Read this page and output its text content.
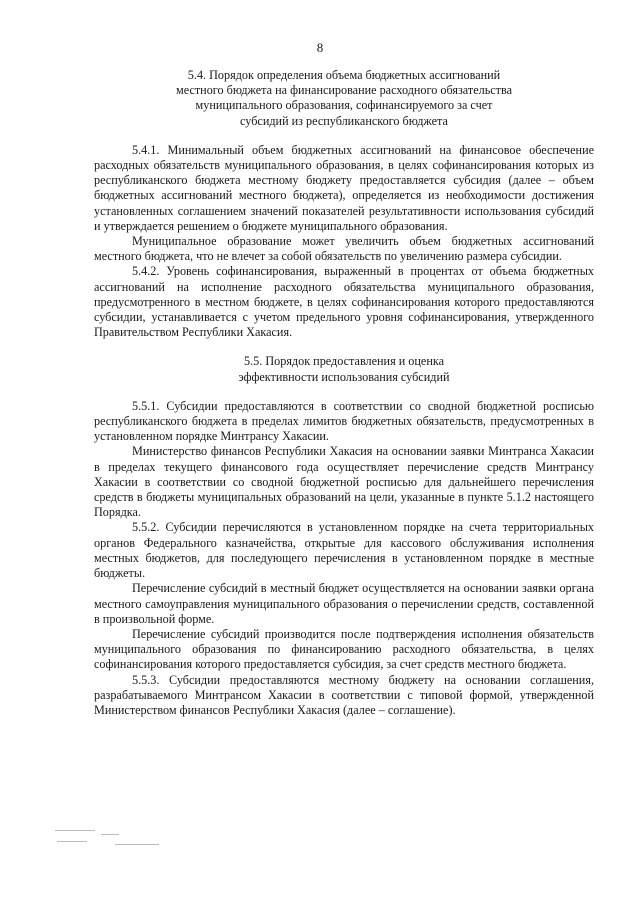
8
5.4. Порядок определения объема бюджетных ассигнований
местного бюджета на финансирование расходного обязательства
муниципального образования, софинансируемого за счет
субсидий из республиканского бюджета

5.4.1. Минимальный объем бюджетных ассигнований на финансовое обеспечение расходных обязательств муниципального образования, в целях софинансирования которых из республиканского бюджета местному бюджету предоставляется субсидия (далее – объем бюджетных ассигнований местного бюджета), определяется из необходимости достижения установленных соглашением значений показателей результативности использования субсидий и утверждается решением о бюджете муниципального образования.

Муниципальное образование может увеличить объем бюджетных ассигнований местного бюджета, что не влечет за собой обязательств по увеличению размера субсидии.

5.4.2. Уровень софинансирования, выраженный в процентах от объема бюджетных ассигнований на исполнение расходного обязательства муниципального образования, предусмотренного в местном бюджете, в целях софинансирования которого предоставляются субсидии, устанавливается с учетом предельного уровня софинансирования, утвержденного Правительством Республики Хакасия.

5.5. Порядок предоставления и оценка
эффективности использования субсидий

5.5.1. Субсидии предоставляются в соответствии со сводной бюджетной росписью республиканского бюджета в пределах лимитов бюджетных обязательств, предусмотренных в установленном порядке Минтрансу Хакасии.

Министерство финансов Республики Хакасия на основании заявки Минтранса Хакасии в пределах текущего финансового года осуществляет перечисление средств Минтрансу Хакасии в соответствии со сводной бюджетной росписью для дальнейшего перечисления средств в бюджеты муниципальных образований на цели, указанные в пункте 5.1.2 настоящего Порядка.

5.5.2. Субсидии перечисляются в установленном порядке на счета территориальных органов Федерального казначейства, открытые для кассового обслуживания исполнения местных бюджетов, для последующего перечисления в установленном порядке в местные бюджеты.

Перечисление субсидий в местный бюджет осуществляется на основании заявки органа местного самоуправления муниципального образования о перечислении средств, составленной в произвольной форме.

Перечисление субсидий производится после подтверждения исполнения обязательств муниципального образования по финансированию расходного обязательства, в целях софинансирования которого предоставляется субсидия, за счет средств местного бюджета.

5.5.3. Субсидии предоставляются местному бюджету на основании соглашения, разрабатываемого Минтрансом Хакасии в соответствии с типовой формой, утвержденной Министерством финансов Республики Хакасия (далее – соглашение).
